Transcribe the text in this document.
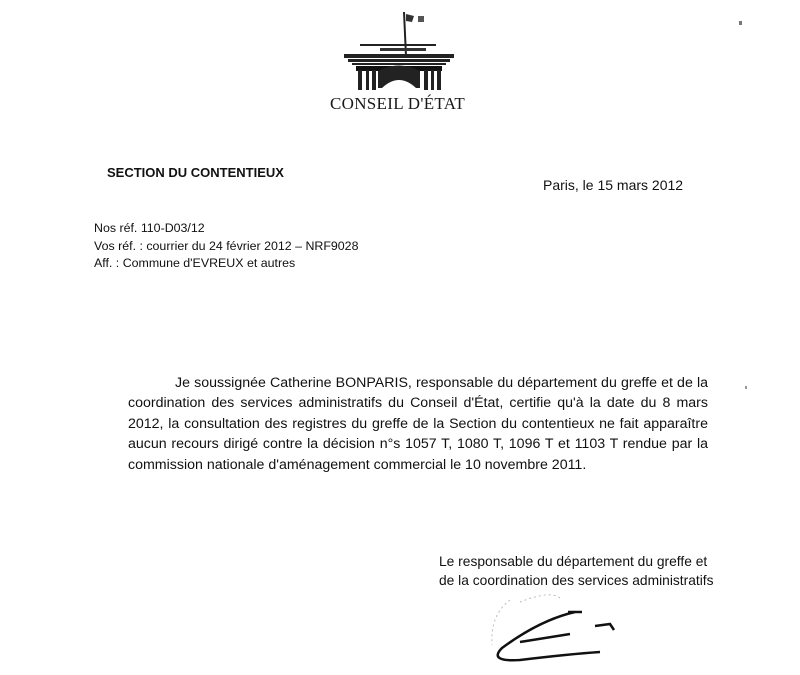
CONSEIL D'ÉTAT
SECTION DU CONTENTIEUX
Paris, le 15 mars 2012
Nos réf. 110-D03/12
Vos réf. : courrier du 24 février 2012 – NRF9028
Aff. : Commune d'EVREUX et autres
Je soussignée Catherine BONPARIS, responsable du département du greffe et de la coordination des services administratifs du Conseil d'État, certifie qu'à la date du 8 mars 2012, la consultation des registres du greffe de la Section du contentieux ne fait apparaître aucun recours dirigé contre la décision n°s 1057 T, 1080 T, 1096 T et 1103 T rendue par la commission nationale d'aménagement commercial le 10 novembre 2011.
Le responsable du département du greffe et
de la coordination des services administratifs
